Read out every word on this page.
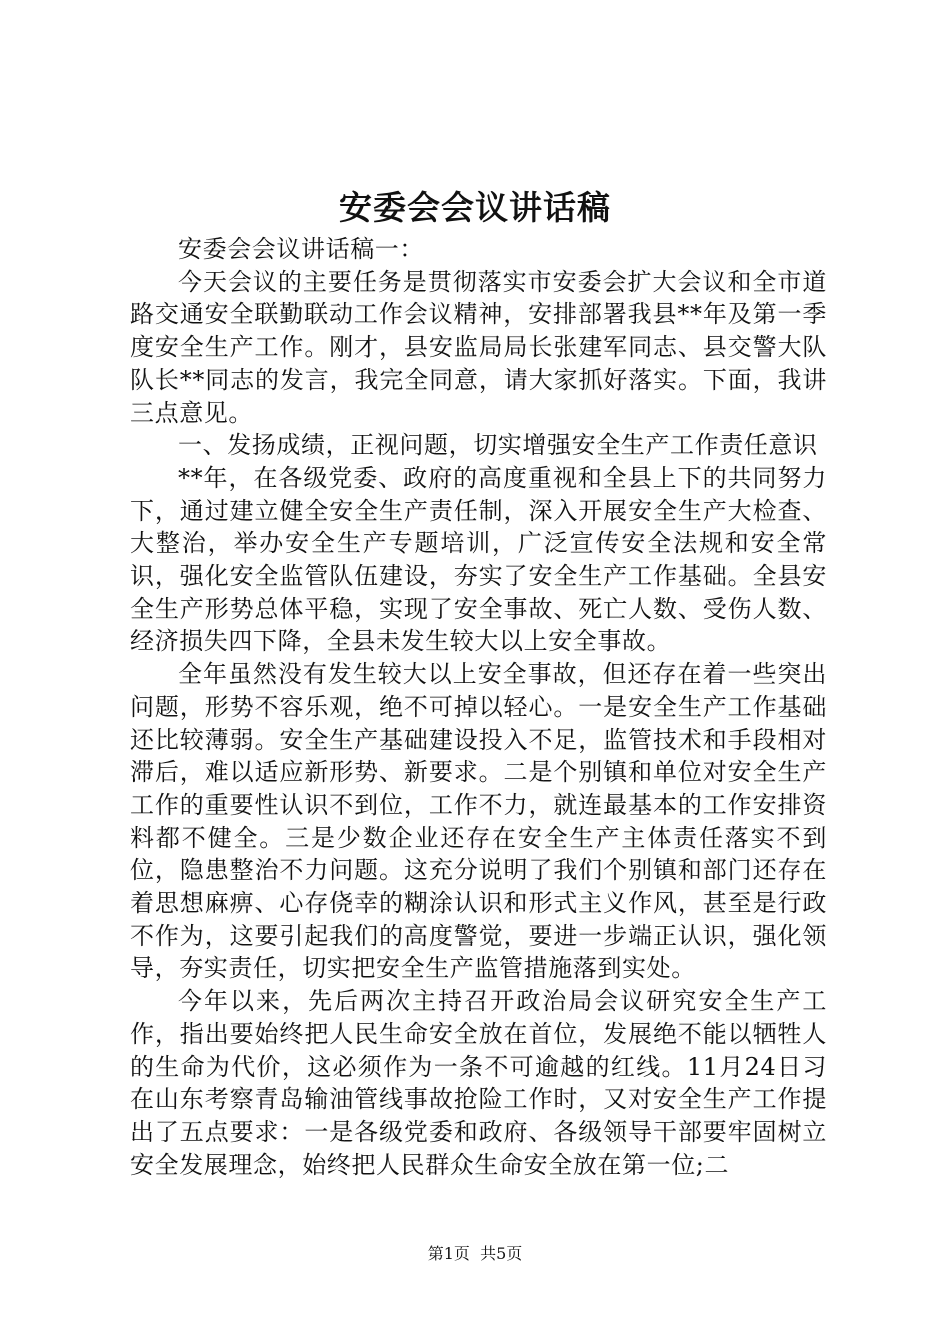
安委会会议讲话稿

安委会会议讲话稿一：

今天会议的主要任务是贯彻落实市安委会扩大会议和全市道路交通安全联勤联动工作会议精神，安排部署我县**年及第一季度安全生产工作。刚才，县安监局局长张建军同志、县交警大队队长**同志的发言，我完全同意，请大家抓好落实。下面，我讲三点意见。

一、发扬成绩，正视问题，切实增强安全生产工作责任意识

**年，在各级党委、政府的高度重视和全县上下的共同努力下，通过建立健全安全生产责任制，深入开展安全生产大检查、大整治，举办安全生产专题培训，广泛宣传安全法规和安全常识，强化安全监管队伍建设，夯实了安全生产工作基础。全县安全生产形势总体平稳，实现了安全事故、死亡人数、受伤人数、经济损失四下降，全县未发生较大以上安全事故。

全年虽然没有发生较大以上安全事故，但还存在着一些突出问题，形势不容乐观，绝不可掉以轻心。一是安全生产工作基础还比较薄弱。安全生产基础建设投入不足，监管技术和手段相对滞后，难以适应新形势、新要求。二是个别镇和单位对安全生产工作的重要性认识不到位，工作不力，就连最基本的工作安排资料都不健全。三是少数企业还存在安全生产主体责任落实不到位，隐患整治不力问题。这充分说明了我们个别镇和部门还存在着思想麻痹、心存侥幸的糊涂认识和形式主义作风，甚至是行政不作为，这要引起我们的高度警觉，要进一步端正认识，强化领导，夯实责任，切实把安全生产监管措施落到实处。

今年以来，先后两次主持召开政治局会议研究安全生产工作，指出要始终把人民生命安全放在首位，发展绝不能以牺牲人的生命为代价，这必须作为一条不可逾越的红线。11月24日习在山东考察青岛输油管线事故抢险工作时，又对安全生产工作提出了五点要求：一是各级党委和政府、各级领导干部要牢固树立安全发展理念，始终把人民群众生命安全放在第一位;二

第1页 共5页
